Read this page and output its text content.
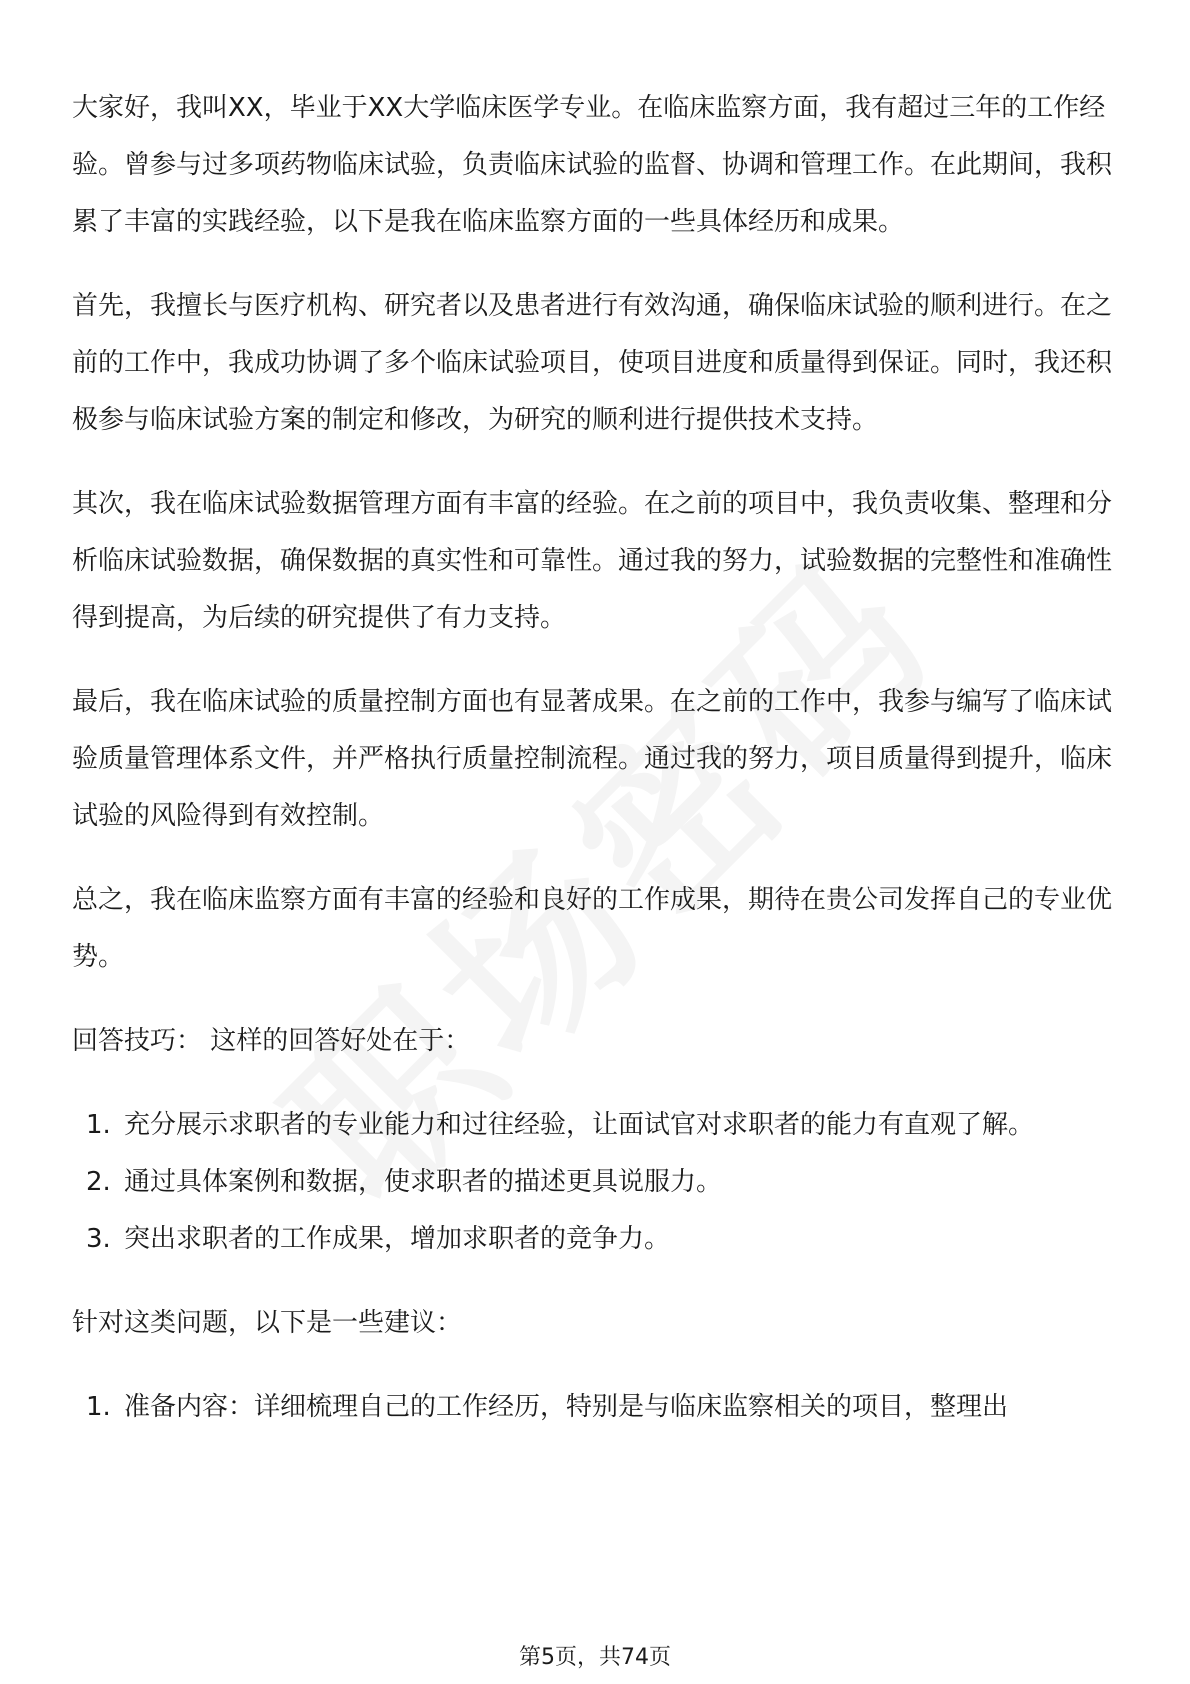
大家好，我叫XX，毕业于XX大学临床医学专业。在临床监察方面，我有超过三年的工作经验。曾参与过多项药物临床试验，负责临床试验的监督、协调和管理工作。在此期间，我积累了丰富的实践经验，以下是我在临床监察方面的一些具体经历和成果。

首先，我擅长与医疗机构、研究者以及患者进行有效沟通，确保临床试验的顺利进行。在之前的工作中，我成功协调了多个临床试验项目，使项目进度和质量得到保证。同时，我还积极参与临床试验方案的制定和修改，为研究的顺利进行提供技术支持。

其次，我在临床试验数据管理方面有丰富的经验。在之前的项目中，我负责收集、整理和分析临床试验数据，确保数据的真实性和可靠性。通过我的努力，试验数据的完整性和准确性得到提高，为后续的研究提供了有力支持。

最后，我在临床试验的质量控制方面也有显著成果。在之前的工作中，我参与编写了临床试验质量管理体系文件，并严格执行质量控制流程。通过我的努力，项目质量得到提升，临床试验的风险得到有效控制。

总之，我在临床监察方面有丰富的经验和良好的工作成果，期待在贵公司发挥自己的专业优势。

回答技巧： 这样的回答好处在于：

1. 充分展示求职者的专业能力和过往经验，让面试官对求职者的能力有直观了解。
2. 通过具体案例和数据，使求职者的描述更具说服力。
3. 突出求职者的工作成果，增加求职者的竞争力。

针对这类问题，以下是一些建议：

1. 准备内容：详细梳理自己的工作经历，特别是与临床监察相关的项目，整理出
第5页，共74页
